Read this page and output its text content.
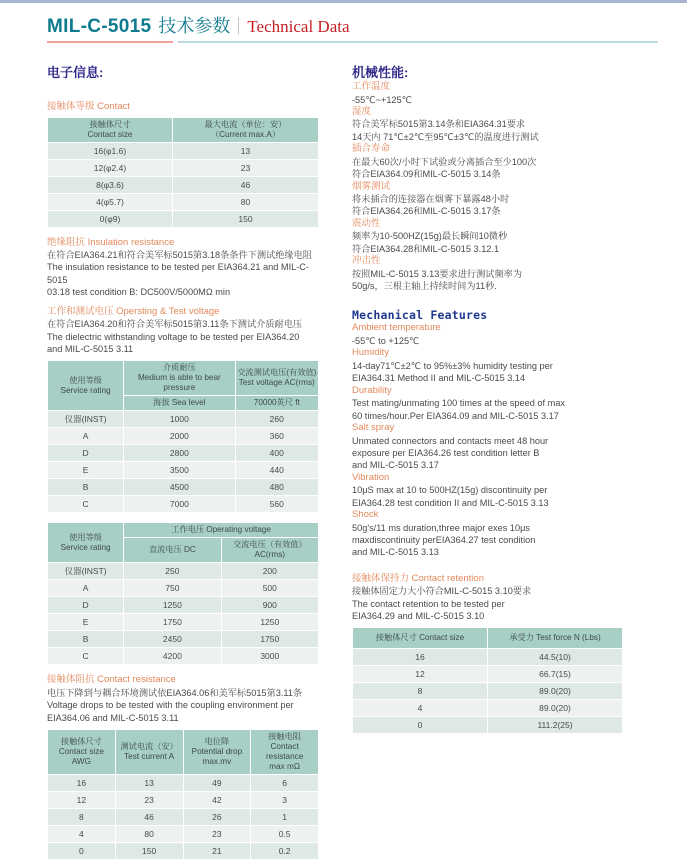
MIL-C-5015 技术参数 Technical Data
电子信息:
接触体等级 Contact
接触体尺寸
Contact size

最大电流（单位：安）
（Current max.A）

16(φ1.6)	13
12(φ2.4)	23
8(φ3.6)	46
4(φ5.7)	80
0(φ9)	150
绝缘阻抗 Insulation resistance
在符合EIA364.21和符合美军标5015第3.18条条件下测试绝缘电阻
The insulation resistance to be tested per EIA364.21 and MIL-C-5015
03.18 test condition B: DC500V/5000MΩ min
工作和测试电压 Opersting & Test voltage
在符合EIA364.20和符合美军标5015第3.11条下测试介质耐电压
The dielectric withstanding voltage to be tested per EIA364.20
and MIL-C-5015 3.11
使用等级
Service rating

介质耐压
Medium is able to bear pressure

交流测试电压(有效值)
Test voltage AC(rms)

	海拔 Sea level	70000英尺 ft
仪器(INST)	1000	260
A	2000	360
D	2800	400
E	3500	440
B	4500	480
C	7000	560
使用等级
Service rating	工作电压 Operating voltage	
	直流电压 DC	交流电压（有效值）AC(rms)
仪器(INST)	250	200
A	750	500
D	1250	900
E	1750	1250
B	2450	1750
C	4200	3000
接触体阻抗 Contact resistance
电压下降到与耦合环境测试依EIA364.06和美军标5015第3.11条
Voltage drops to be tested with the coupling environment per
EIA364.06 and MIL-C-5015 3.11
接触体尺寸
Contact size AWG

测试电流（安）
Test current A

电位降
Potential drop
max.mv

接触电阻
Contact resistance
max mΩ

16	13	49	6
12	23	42	3
8	46	26	1
4	80	23	0.5
0	150	21	0.2
机械性能:
工作温度
-55℃~+125℃
湿度
符合美军标5015第3.14条和EIA364.31要求
14天内 71℃±2℃至95℃±3℃的温度进行测试
插合寿命
在最大60次/小时下试验或分离插合至少100次
符合EIA364.09和MIL-C-5015 3.14条
烟雾测试
将未插合的连接器在烟雾下暴露48小时
符合EIA364.26和MIL-C-5015 3.17条
震动性
频率为10-500HZ(15g)最长瞬间10微秒
符合EIA364.28和MIL-C-5015 3.12.1
冲击性
按照MIL-C-5015 3.13要求进行测试频率为
50g/s，三根主轴上持续时间为11秒.
Mechanical Features
Ambient temperature
-55℃ to +125℃
Humidity
14-day71℃±2℃ to 95%±3% humidity testing per
EIA364.31 Method II and MIL-C-5015 3.14
Durability
Test mating/unmating 100 times at the speed of max
60 times/hour.Per EIA364.09 and MIL-C-5015 3.17
Salt spray
Unmated connectors and contacts meet 48 hour
exposure per EIA364.26 test condition letter B
and MIL-C-5015 3.17
Vibration
10μS max at 10 to 500HZ(15g) discontinuity per
EIA364.28 test condition II and MIL-C-5015 3.13
Shock
50g's/11 ms duration,three major exes 10μs
maxdiscontinuity perEIA364.27 test condition
and MIL-C-5015 3.13
接触体保持力 Contact retention
接触体固定力大小符合MIL-C-5015 3.10要求
The contact retention to be tested per
EIA364.29 and MIL-C-5015 3.10
接触体尺寸 Contact size	承受力 Test force N (Lbs)
16	44.5(10)
12	66.7(15)
8	89.0(20)
4	89.0(20)
0	111.2(25)
